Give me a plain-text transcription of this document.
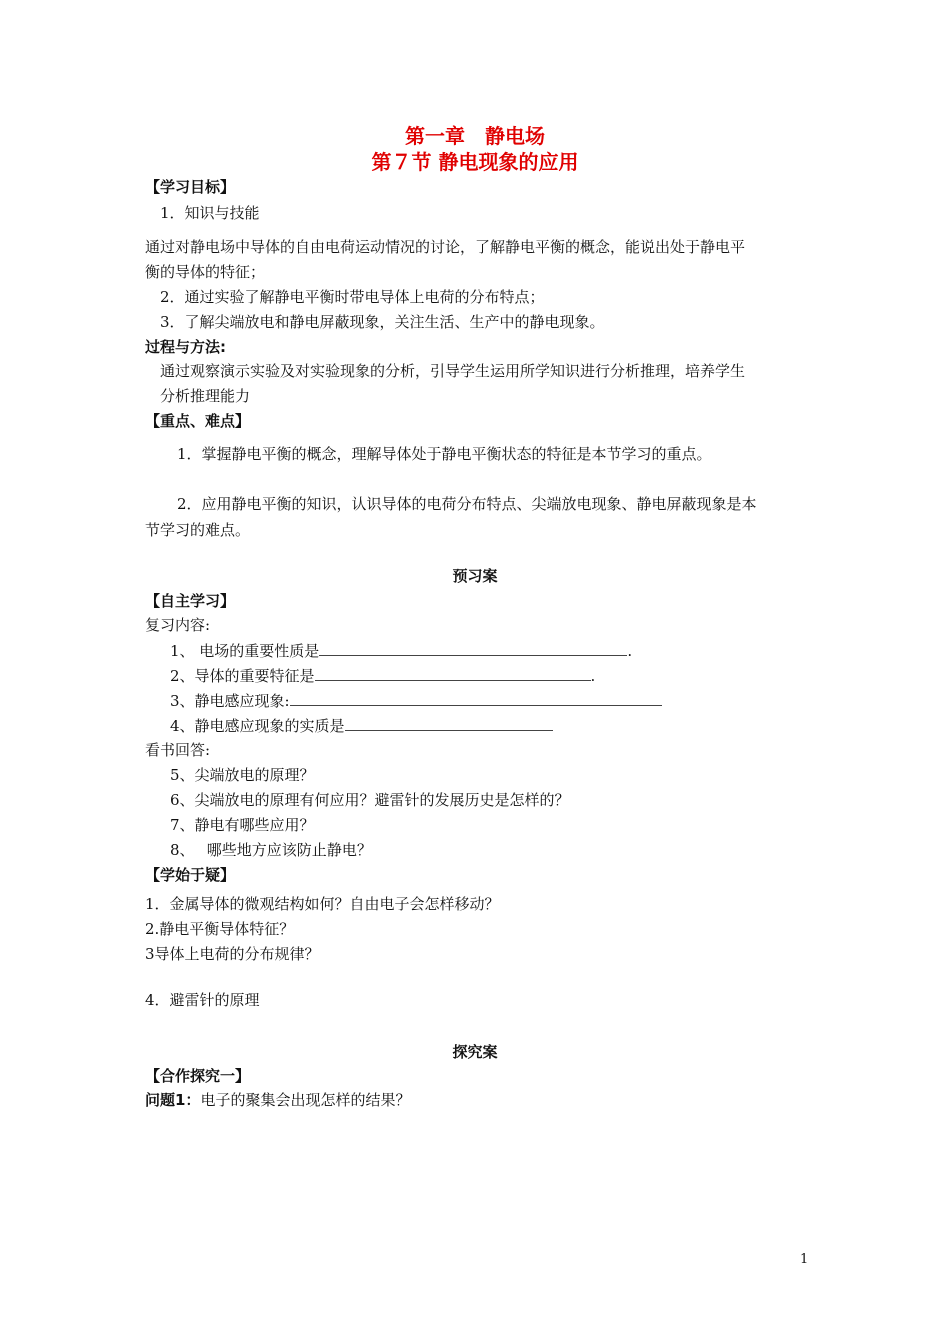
第一章　静电场
第７节 静电现象的应用
【学习目标】
1．知识与技能
通过对静电场中导体的自由电荷运动情况的讨论，了解静电平衡的概念，能说出处于静电平
衡的导体的特征；
2．通过实验了解静电平衡时带电导体上电荷的分布特点；
3．了解尖端放电和静电屏蔽现象，关注生活、生产中的静电现象。
过程与方法:
通过观察演示实验及对实验现象的分析，引导学生运用所学知识进行分析推理，培养学生
分析推理能力
【重点、难点】
1．掌握静电平衡的概念，理解导体处于静电平衡状态的特征是本节学习的重点。
2．应用静电平衡的知识，认识导体的电荷分布特点、尖端放电现象、静电屏蔽现象是本
节学习的难点。
预习案
【自主学习】
复习内容:
1、 电场的重要性质是	.
2、导体的重要特征是	.
3、静电感应现象:
4、静电感应现象的实质是
看书回答:
5、尖端放电的原理？
6、尖端放电的原理有何应用？避雷针的发展历史是怎样的？
7、静电有哪些应用？
8、　 哪些地方应该防止静电？
【学始于疑】
1．金属导体的微观结构如何？自由电子会怎样移动？
2.静电平衡导体特征？
3导体上电荷的分布规律？
4．避雷针的原理
探究案
【合作探究一】
问题1：电子的聚集会出现怎样的结果？
1
